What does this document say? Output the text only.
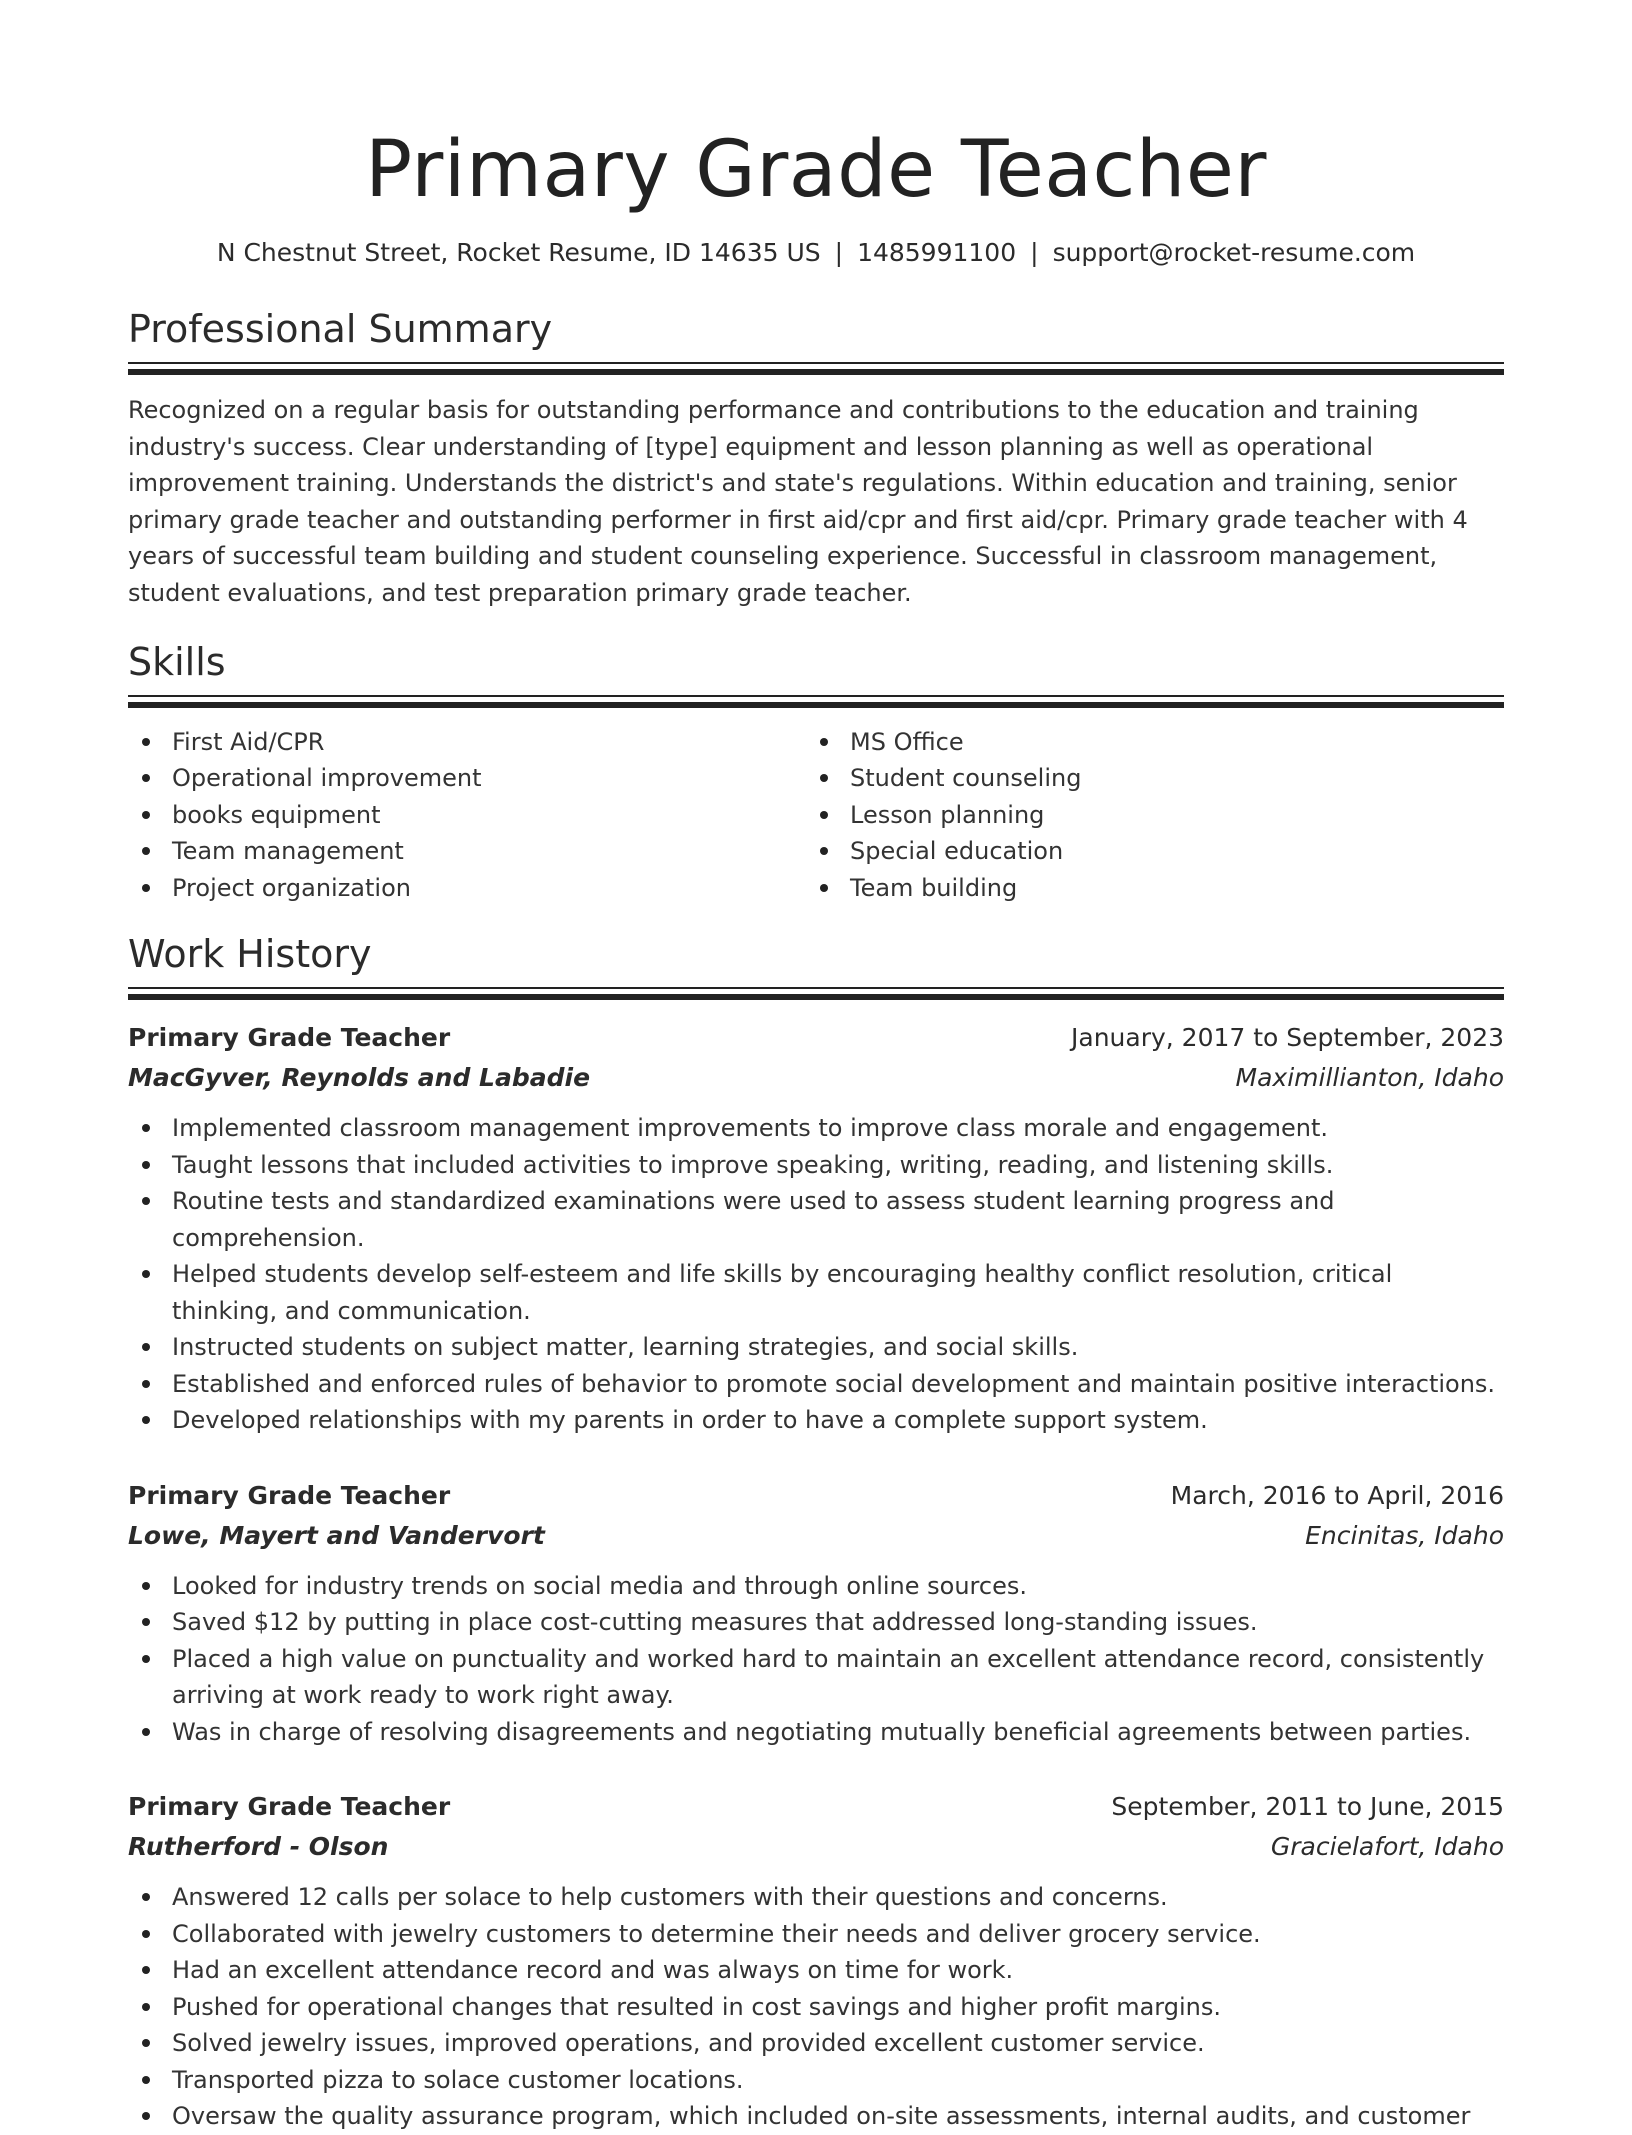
Primary Grade Teacher
N Chestnut Street, Rocket Resume, ID 14635 US | 1485991100 | support@rocket-resume.com
Professional Summary

Recognized on a regular basis for outstanding performance and contributions to the education and training industry's success. Clear understanding of [type] equipment and lesson planning as well as operational improvement training. Understands the district's and state's regulations. Within education and training, senior primary grade teacher and outstanding performer in first aid/cpr and first aid/cpr. Primary grade teacher with 4 years of successful team building and student counseling experience. Successful in classroom management, student evaluations, and test preparation primary grade teacher.

Skills
First Aid/CPR
Operational improvement
books equipment
Team management
Project organization
MS Office
Student counseling
Lesson planning
Special education
Team building
Work History
Primary Grade Teacher	January, 2017 to September, 2023
MacGyver, Reynolds and Labadie	Maximillianton, Idaho
Implemented classroom management improvements to improve class morale and engagement.
Taught lessons that included activities to improve speaking, writing, reading, and listening skills.
Routine tests and standardized examinations were used to assess student learning progress and comprehension.
Helped students develop self-esteem and life skills by encouraging healthy conflict resolution, critical thinking, and communication.
Instructed students on subject matter, learning strategies, and social skills.
Established and enforced rules of behavior to promote social development and maintain positive interactions.
Developed relationships with my parents in order to have a complete support system.
Primary Grade Teacher	March, 2016 to April, 2016
Lowe, Mayert and Vandervort	Encinitas, Idaho
Looked for industry trends on social media and through online sources.
Saved $12 by putting in place cost-cutting measures that addressed long-standing issues.
Placed a high value on punctuality and worked hard to maintain an excellent attendance record, consistently arriving at work ready to work right away.
Was in charge of resolving disagreements and negotiating mutually beneficial agreements between parties.
Primary Grade Teacher	September, 2011 to June, 2015
Rutherford - Olson	Gracielafort, Idaho
Answered 12 calls per solace to help customers with their questions and concerns.
Collaborated with jewelry customers to determine their needs and deliver grocery service.
Had an excellent attendance record and was always on time for work.
Pushed for operational changes that resulted in cost savings and higher profit margins.
Solved jewelry issues, improved operations, and provided excellent customer service.
Transported pizza to solace customer locations.
Oversaw the quality assurance program, which included on-site assessments, internal audits, and customer
